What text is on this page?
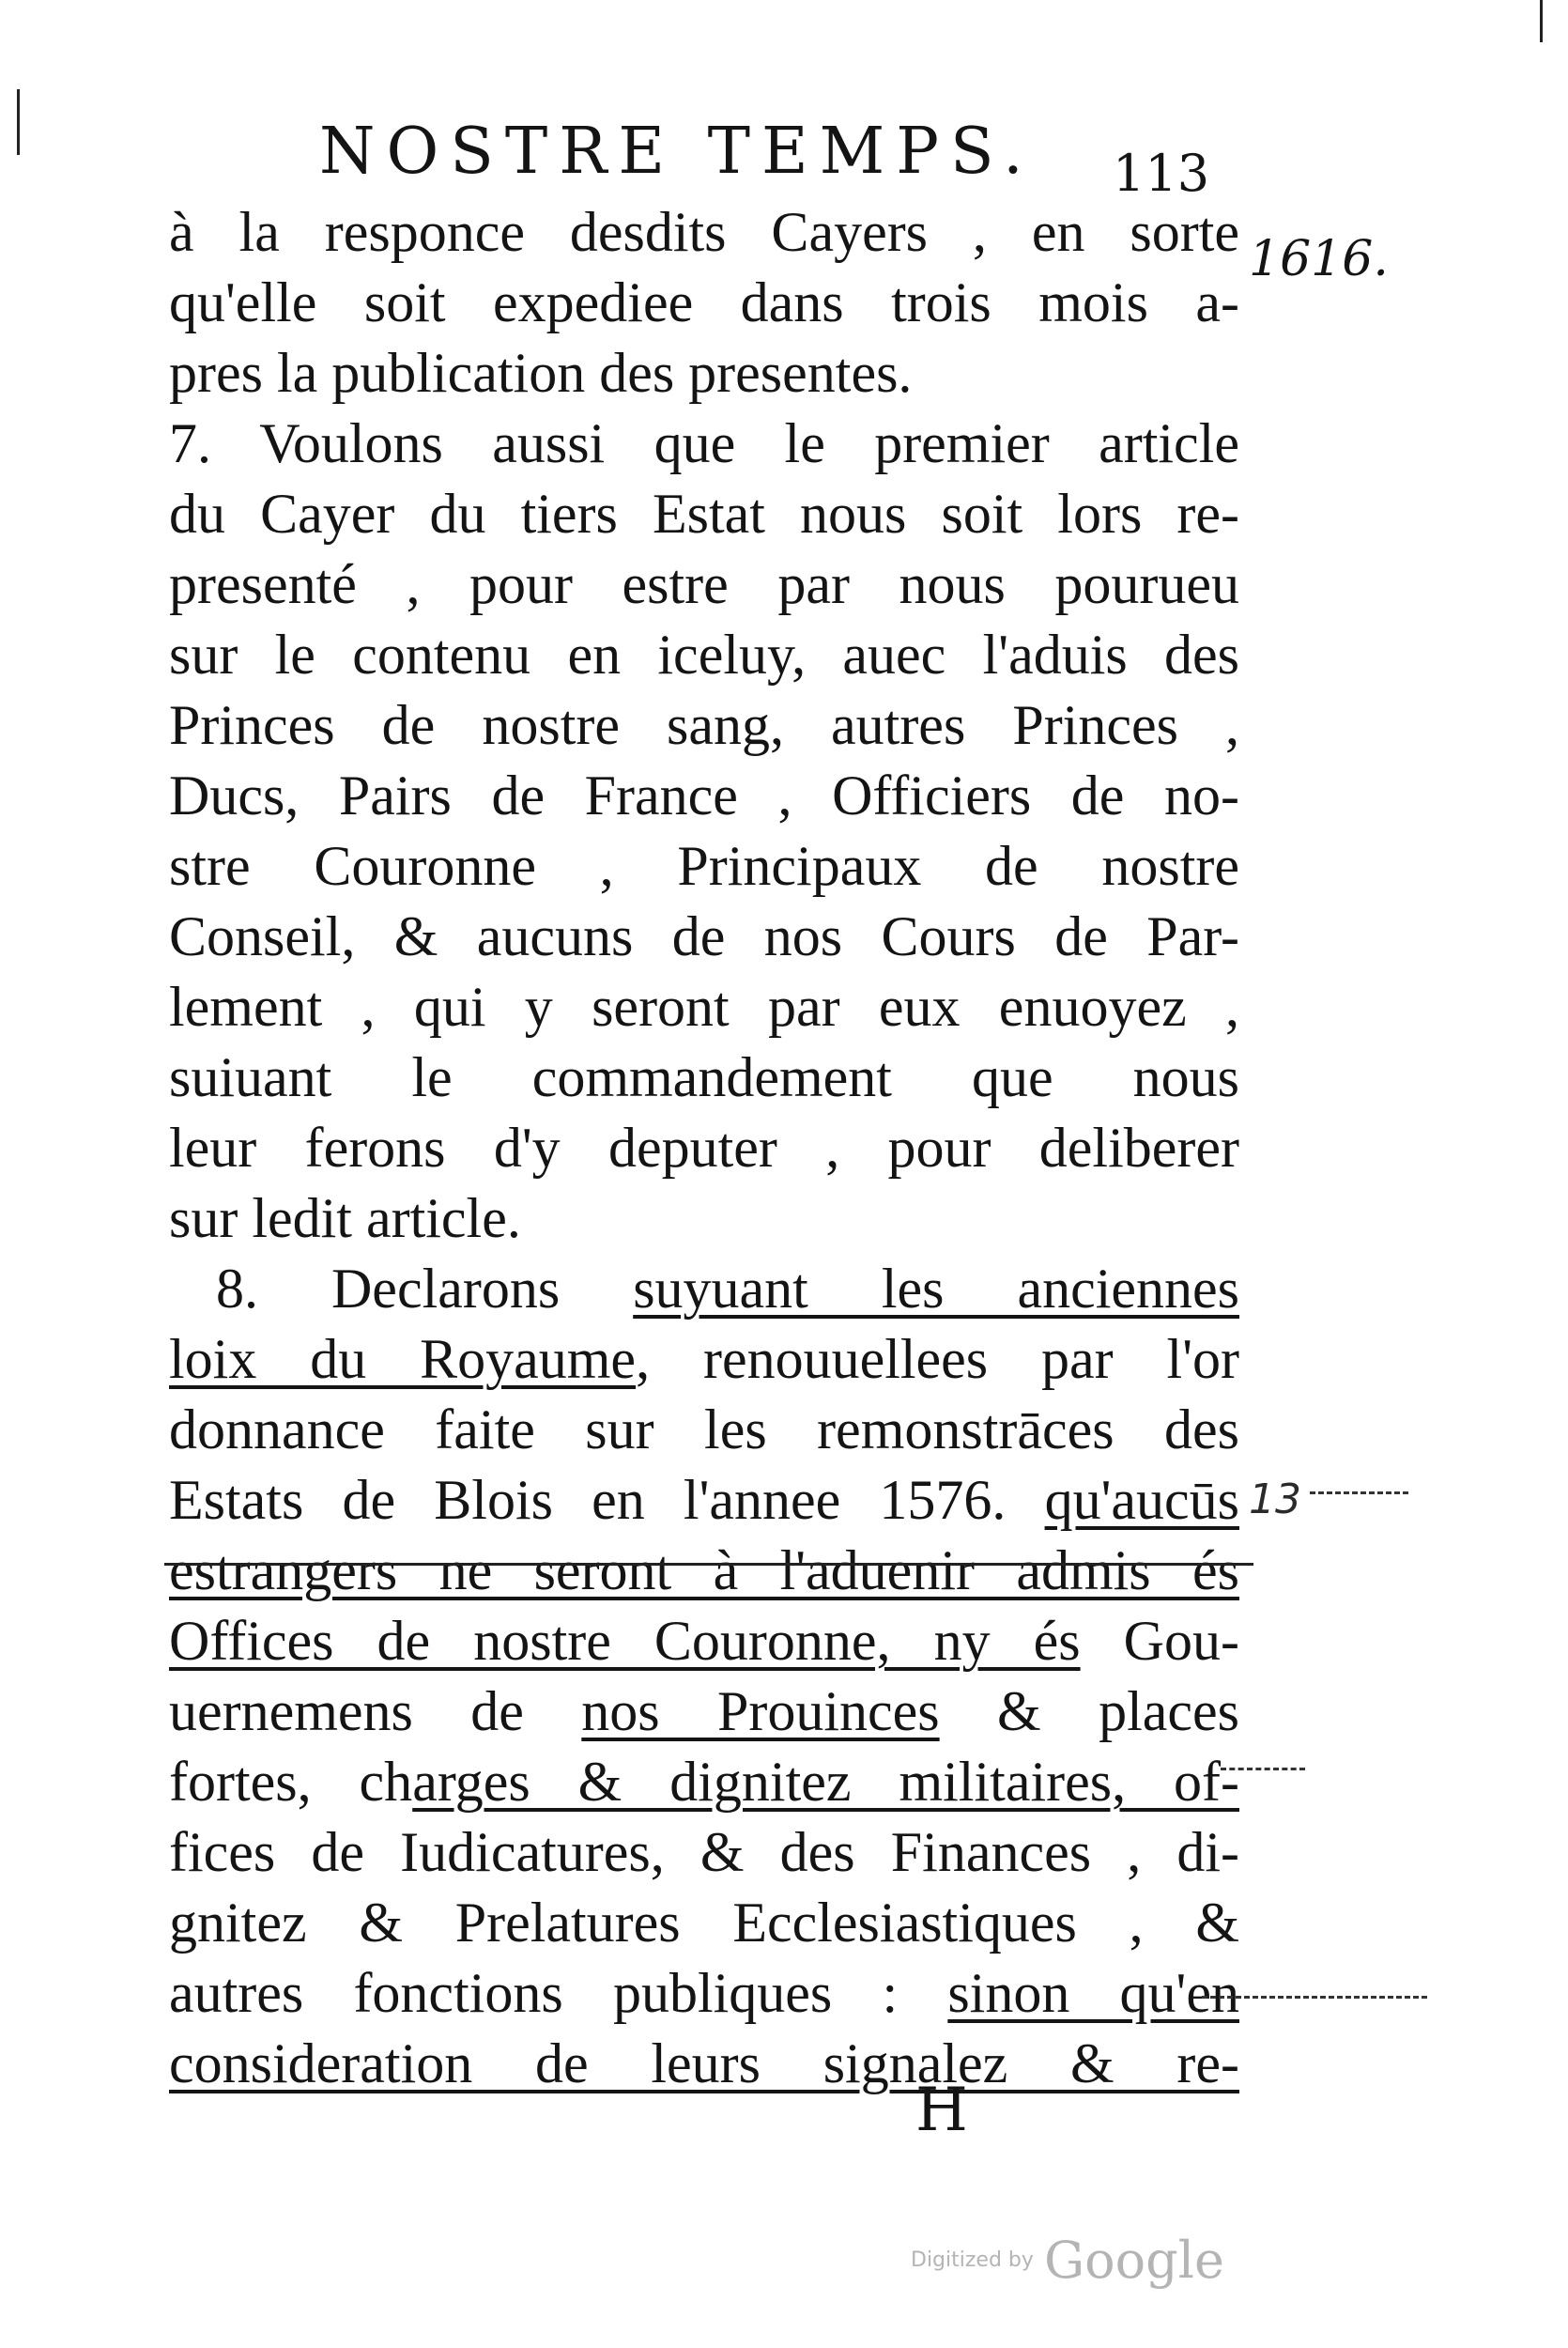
NOSTRE TEMPS. 113
1616.
à la responce desdits Cayers , en sorte
qu'elle soit expediee dans trois mois a-
pres la publication des presentes.
7. Voulons aussi que le premier article
du Cayer du tiers Estat nous soit lors re-
presenté , pour estre par nous pourueu
sur le contenu en iceluy, auec l'aduis des
Princes de nostre sang, autres Princes ,
Ducs, Pairs de France , Officiers de no-
stre Couronne , Principaux de nostre
Conseil, & aucuns de nos Cours de Par-
lement , qui y seront par eux enuoyez ,
suiuant le commandement que nous
leur ferons d'y deputer , pour deliberer
sur ledit article.
8. Declarons suyuant les anciennes
loix du Royaume, renouuellees par l'or
donnance faite sur les remonstrāces des
Estats de Blois en l'annee 1576. qu'aucūs
estrangers ne seront à l'aduenir admis és
Offices de nostre Couronne, ny és Gou-
uernemens de nos Prouinces & places
fortes, charges & dignitez militaires, of-
fices de Iudicatures, & des Finances , di-
gnitez & Prelatures Ecclesiastiques , &
autres fonctions publiques : sinon qu'en
consideration de leurs signalez & re-
13
H
Digitized by Google
